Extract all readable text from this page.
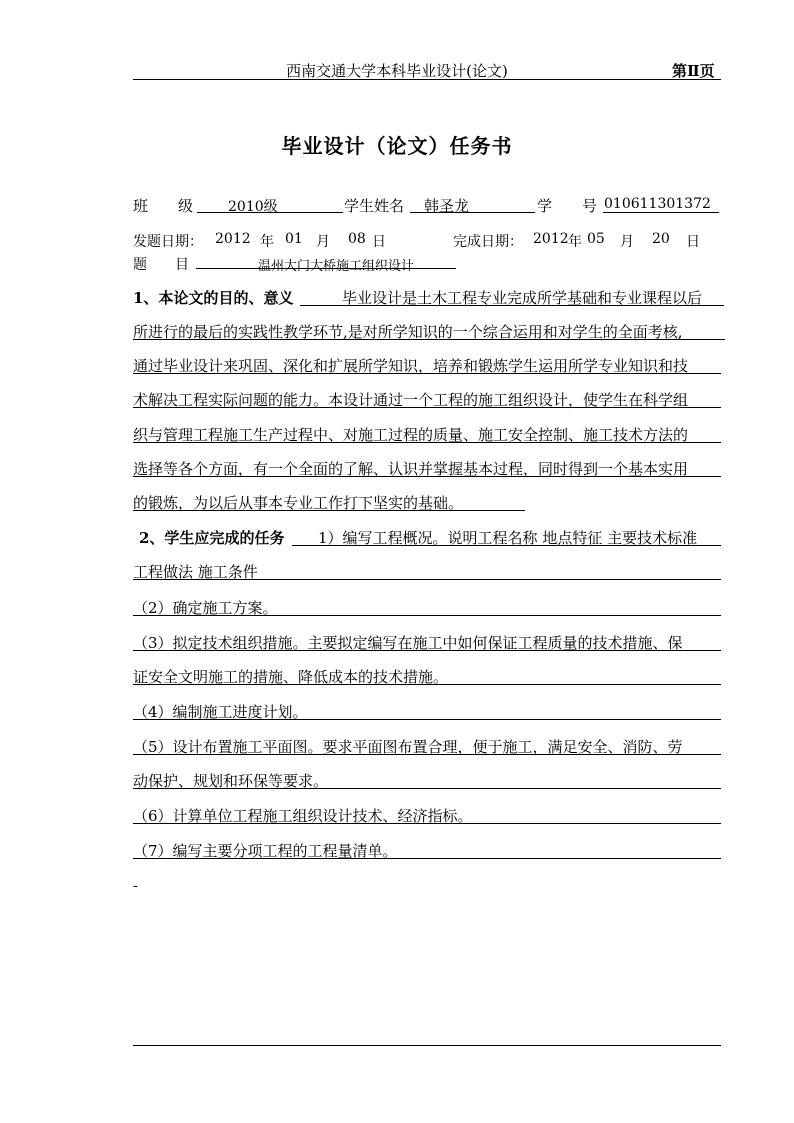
西南交通大学本科毕业设计(论文)	第Ⅱ页
毕业设计（论文）任务书
班　　级 2010级	学生姓名 韩圣龙	学　　号 010611301372
发题日期： 2012 年 01 月 08 日	完成日期： 2012 年 05 月 20 日
题　　目	温州大门大桥施工组织设计
1、本论文的目的、意义	毕业设计是土木工程专业完成所学基础和专业课程以后
所进行的最后的实践性教学环节,是对所学知识的一个综合运用和对学生的全面考核,
通过毕业设计来巩固、深化和扩展所学知识，培养和锻炼学生运用所学专业知识和技
术解决工程实际问题的能力。本设计通过一个工程的施工组织设计，使学生在科学组
织与管理工程施工生产过程中、对施工过程的质量、施工安全控制、施工技术方法的
选择等各个方面，有一个全面的了解、认识并掌握基本过程，同时得到一个基本实用
的锻炼，为以后从事本专业工作打下坚实的基础。
2、学生应完成的任务 1）编写工程概况。说明工程名称 地点特征 主要技术标准
工程做法 施工条件
（2）确定施工方案。
（3）拟定技术组织措施。主要拟定编写在施工中如何保证工程质量的技术措施、保
证安全文明施工的措施、降低成本的技术措施。
（4）编制施工进度计划。
（5）设计布置施工平面图。要求平面图布置合理，便于施工，满足安全、消防、劳
动保护、规划和环保等要求。
（6）计算单位工程施工组织设计技术、经济指标。
（7）编写主要分项工程的工程量清单。
-
